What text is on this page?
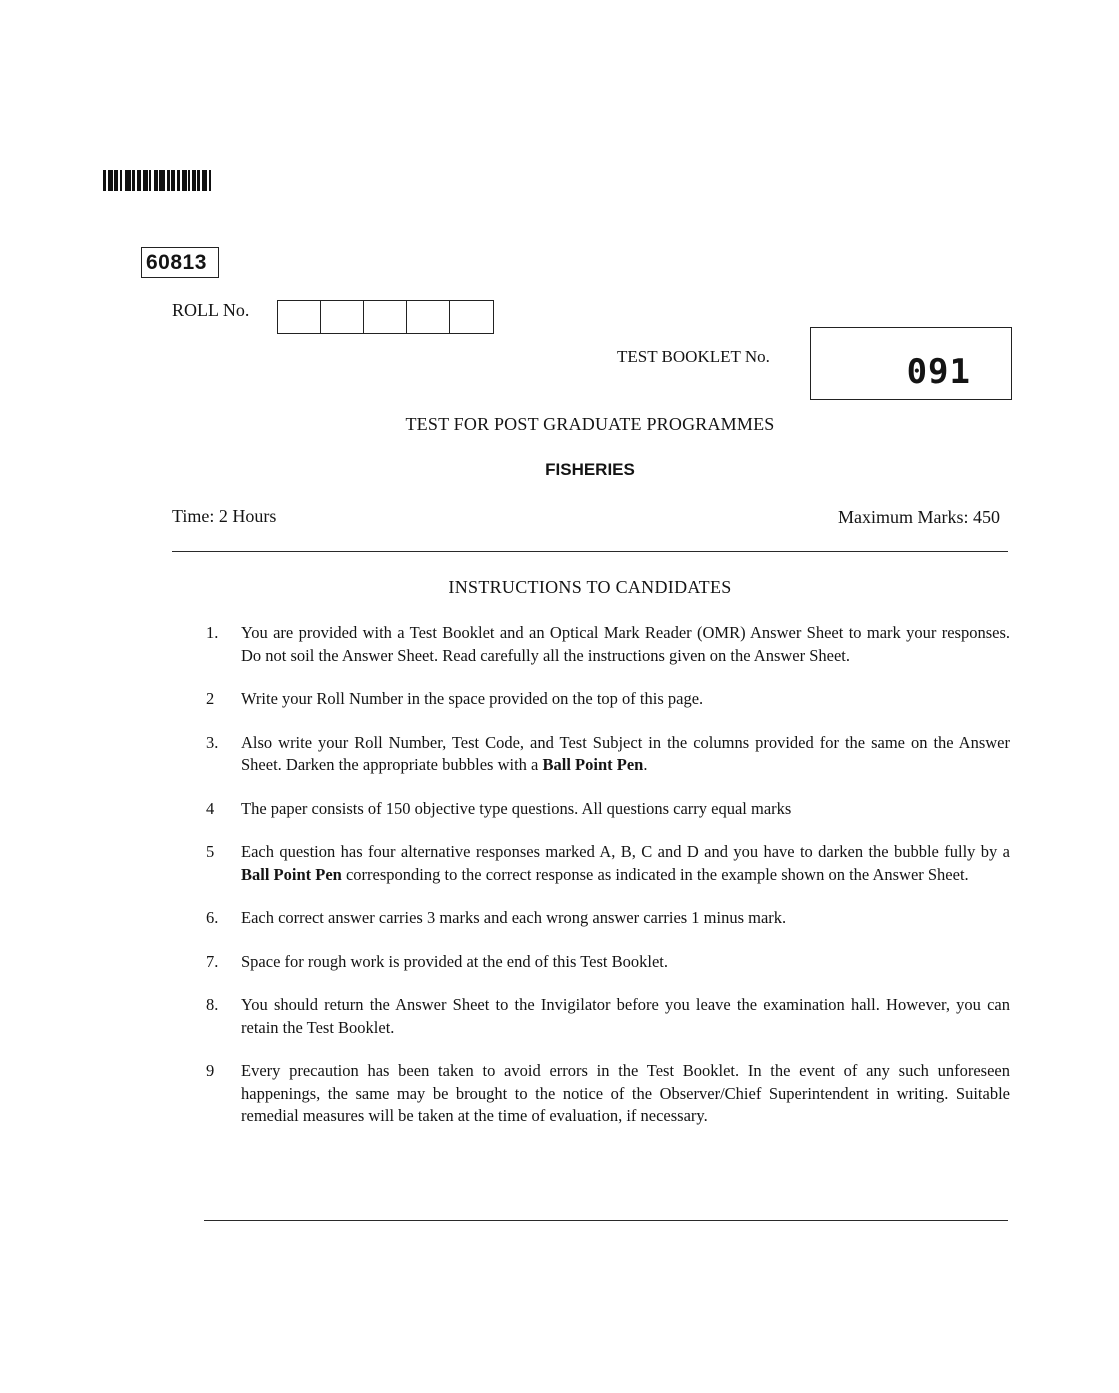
60813
ROLL No.
TEST BOOKLET No.	091
TEST FOR POST GRADUATE PROGRAMMES
FISHERIES
Time: 2 Hours	Maximum Marks: 450
INSTRUCTIONS TO CANDIDATES
1.	You are provided with a Test Booklet and an Optical Mark Reader (OMR) Answer Sheet to mark your responses. Do not soil the Answer Sheet. Read carefully all the instructions given on the Answer Sheet.
2	Write your Roll Number in the space provided on the top of this page.
3.	Also write your Roll Number, Test Code, and Test Subject in the columns provided for the same on the Answer Sheet. Darken the appropriate bubbles with a Ball Point Pen.
4	The paper consists of 150 objective type questions. All questions carry equal marks
5	Each question has four alternative responses marked A, B, C and D and you have to darken the bubble fully by a Ball Point Pen corresponding to the correct response as indicated in the example shown on the Answer Sheet.
6.	Each correct answer carries 3 marks and each wrong answer carries 1 minus mark.
7.	Space for rough work is provided at the end of this Test Booklet.
8.	You should return the Answer Sheet to the Invigilator before you leave the examination hall. However, you can retain the Test Booklet.
9	Every precaution has been taken to avoid errors in the Test Booklet. In the event of any such unforeseen happenings, the same may be brought to the notice of the Observer/Chief Superintendent in writing. Suitable remedial measures will be taken at the time of evaluation, if necessary.
